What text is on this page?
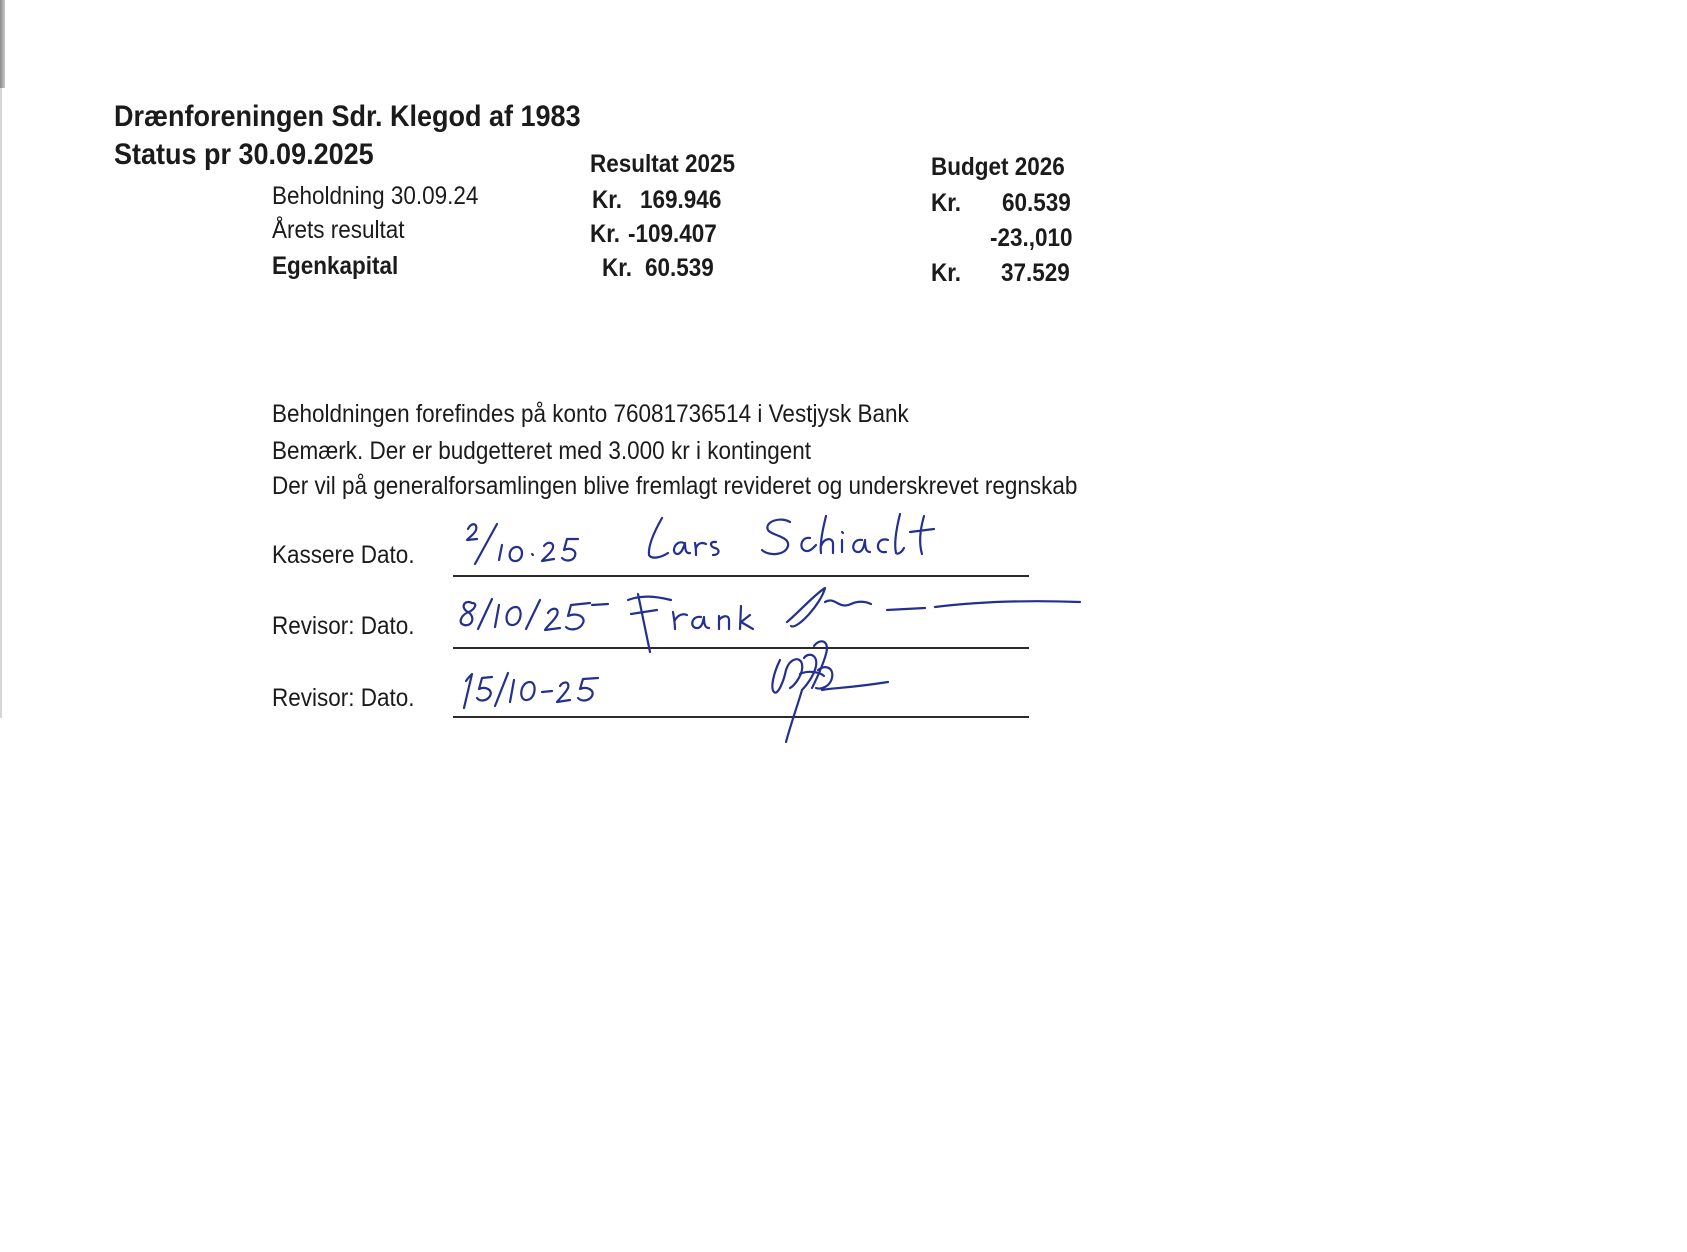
Drænforeningen Sdr. Klegod af 1983
Status pr 30.09.2025	Resultat 2025	Budget 2026
Beholdning 30.09.24	Kr. 169.946	Kr. 60.539
Årets resultat	Kr. -109.407	-23.,010
Egenkapital	Kr. 60.539	Kr. 37.529
Beholdningen forefindes på konto 76081736514 i Vestjysk Bank
Bemærk. Der er budgetteret med 3.000 kr i kontingent
Der vil på generalforsamlingen blive fremlagt revideret og underskrevet regnskab
Kassere Dato.
Revisor: Dato.
Revisor: Dato.
